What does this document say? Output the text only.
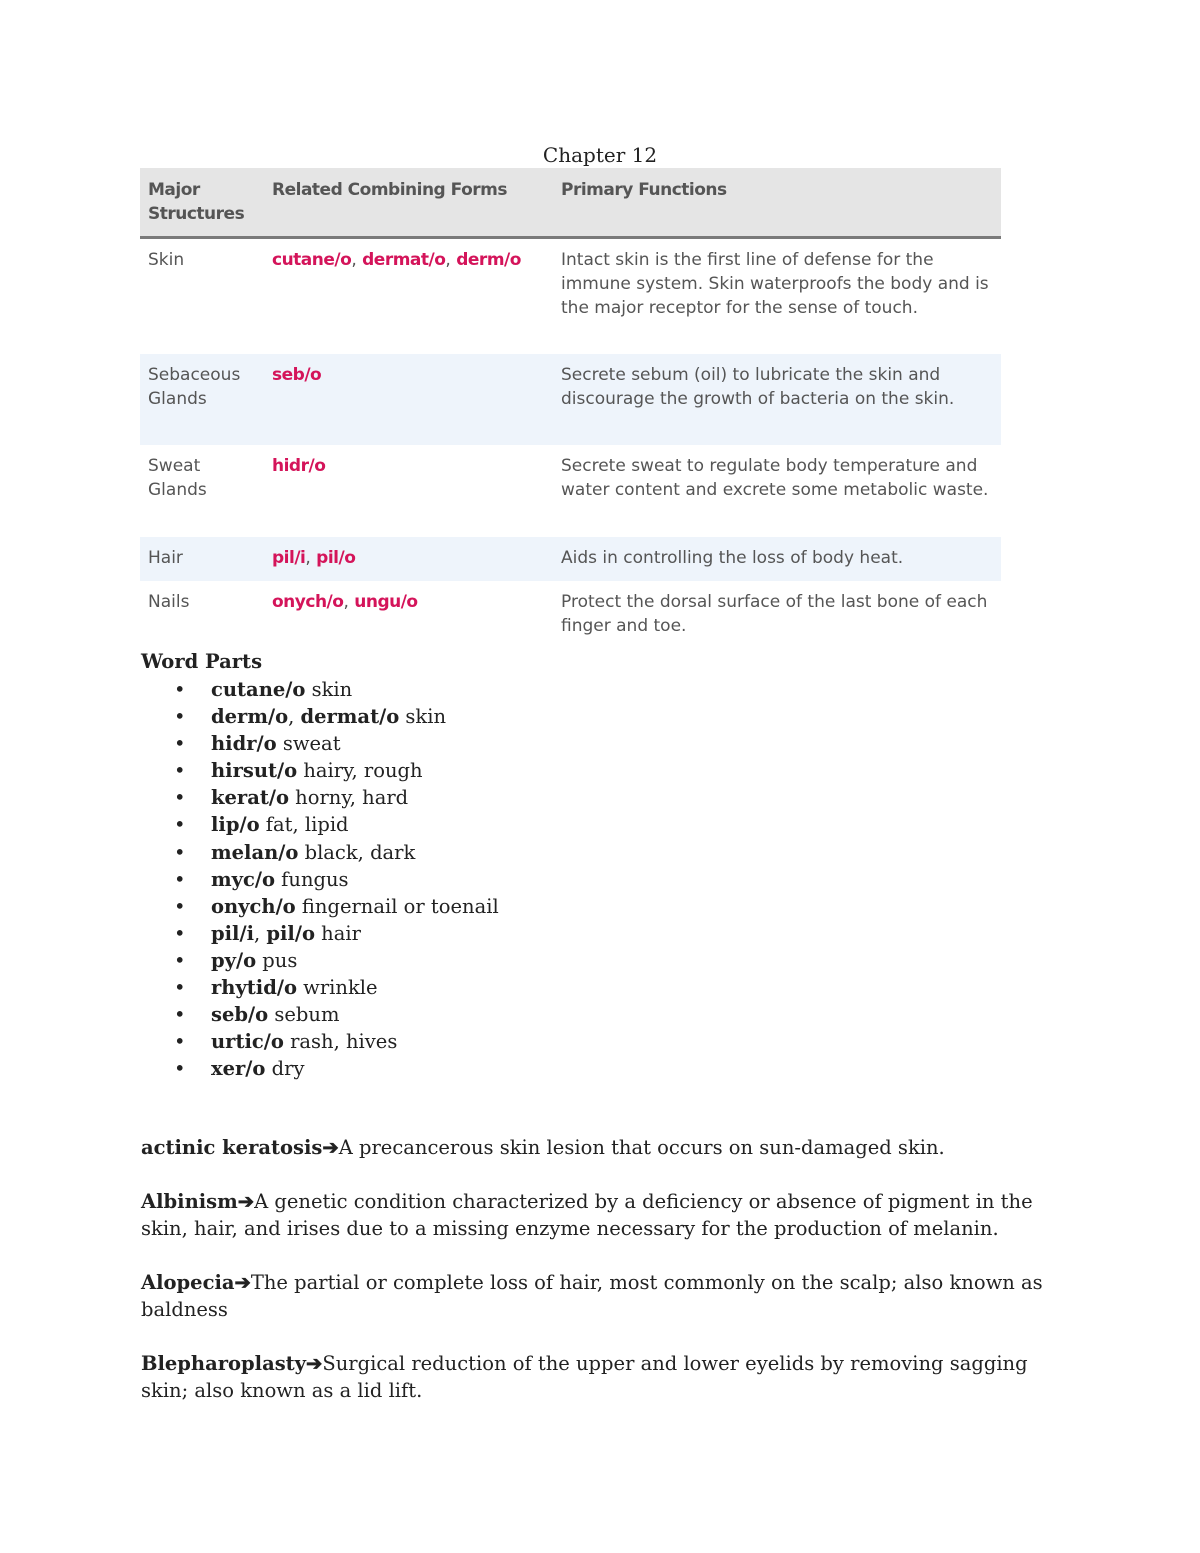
Chapter 12
Major Structures	Related Combining Forms	Primary Functions
Skin	cutane/o, dermat/o, derm/o	Intact skin is the first line of defense for the immune system. Skin waterproofs the body and is the major receptor for the sense of touch.
Sebaceous Glands	seb/o	Secrete sebum (oil) to lubricate the skin and discourage the growth of bacteria on the skin.
Sweat Glands	hidr/o	Secrete sweat to regulate body temperature and water content and excrete some metabolic waste.
Hair	pil/i, pil/o	Aids in controlling the loss of body heat.
Nails	onych/o, ungu/o	Protect the dorsal surface of the last bone of each finger and toe.

Word Parts

• cutane/o skin
• derm/o, dermat/o skin
• hidr/o sweat
• hirsut/o hairy, rough
• kerat/o horny, hard
• lip/o fat, lipid
• melan/o black, dark
• myc/o fungus
• onych/o fingernail or toenail
• pil/i, pil/o hair
• py/o pus
• rhytid/o wrinkle
• seb/o sebum
• urtic/o rash, hives
• xer/o dry

actinic keratosis➔A precancerous skin lesion that occurs on sun-damaged skin.

Albinism➔A genetic condition characterized by a deficiency or absence of pigment in the skin, hair, and irises due to a missing enzyme necessary for the production of melanin.

Alopecia➔The partial or complete loss of hair, most commonly on the scalp; also known as baldness

Blepharoplasty➔Surgical reduction of the upper and lower eyelids by removing sagging skin; also known as a lid lift.
